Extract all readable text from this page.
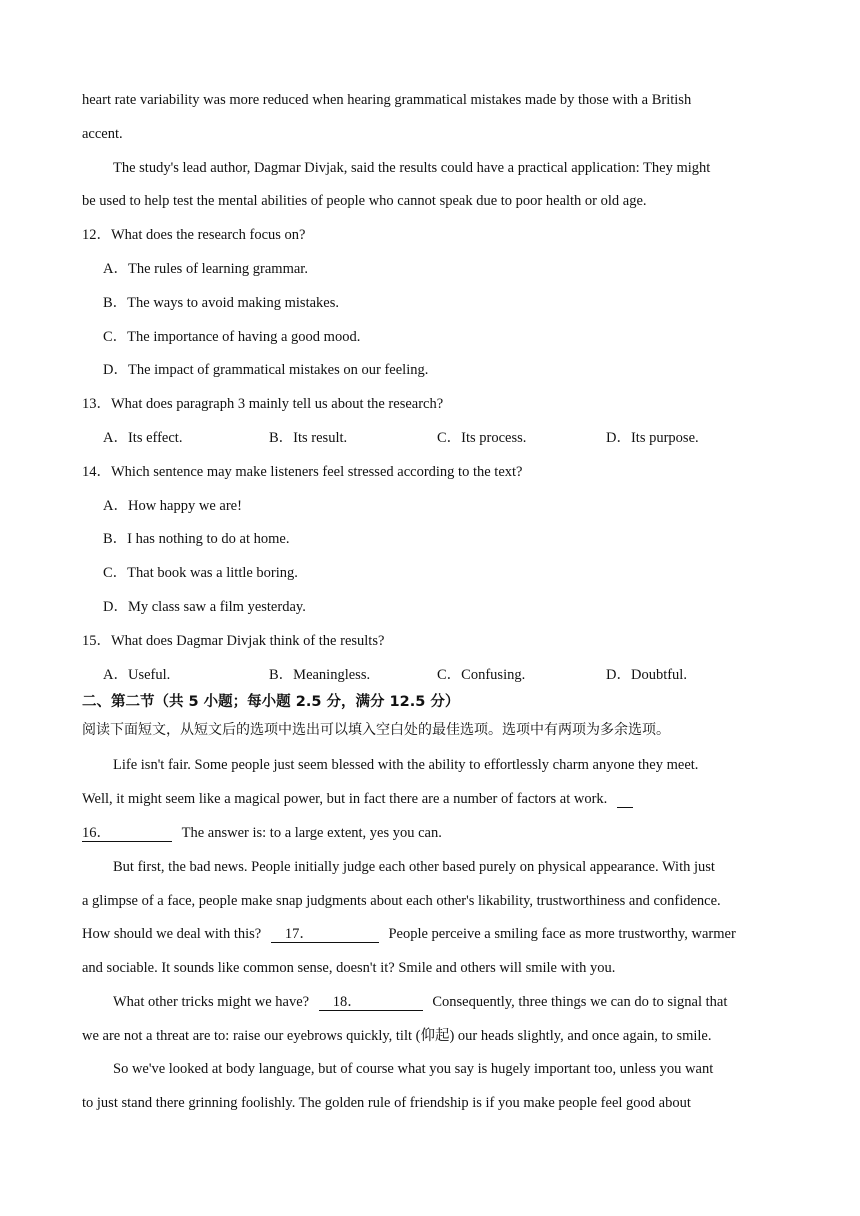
heart rate variability was more reduced when hearing grammatical mistakes made by those with a British
accent.
The study's lead author, Dagmar Divjak, said the results could have a practical application: They might
be used to help test the mental abilities of people who cannot speak due to poor health or old age.
12．What does the research focus on?
A．The rules of learning grammar.
B．The ways to avoid making mistakes.
C．The importance of having a good mood.
D．The impact of grammatical mistakes on our feeling.
13．What does paragraph 3 mainly tell us about the research?
A．Its effect.	B．Its result.	C．Its process.	D．Its purpose.
14．Which sentence may make listeners feel stressed according to the text?
A．How happy we are!
B．I has nothing to do at home.
C．That book was a little boring.
D．My class saw a film yesterday.
15．What does Dagmar Divjak think of the results?
A．Useful.	B．Meaningless.	C．Confusing.	D．Doubtful.
二、第二节（共 5 小题；每小题 2.5 分，满分 12.5 分）
阅读下面短文，从短文后的选项中选出可以填入空白处的最佳选项。选项中有两项为多余选项。
Life isn't fair. Some people just seem blessed with the ability to effortlessly charm anyone they meet.
Well, it might seem like a magical power, but in fact there are a number of factors at work.
16．	The answer is: to a large extent, yes you can.
But first, the bad news. People initially judge each other based purely on physical appearance. With just
a glimpse of a face, people make snap judgments about each other's likability, trustworthiness and confidence.
How should we deal with this? 17．	People perceive a smiling face as more trustworthy, warmer
and sociable. It sounds like common sense, doesn't it? Smile and others will smile with you.
What other tricks might we have? 18．	Consequently, three things we can do to signal that
we are not a threat are to: raise our eyebrows quickly, tilt (仰起) our heads slightly, and once again, to smile.
So we've looked at body language, but of course what you say is hugely important too, unless you want
to just stand there grinning foolishly. The golden rule of friendship is if you make people feel good about
